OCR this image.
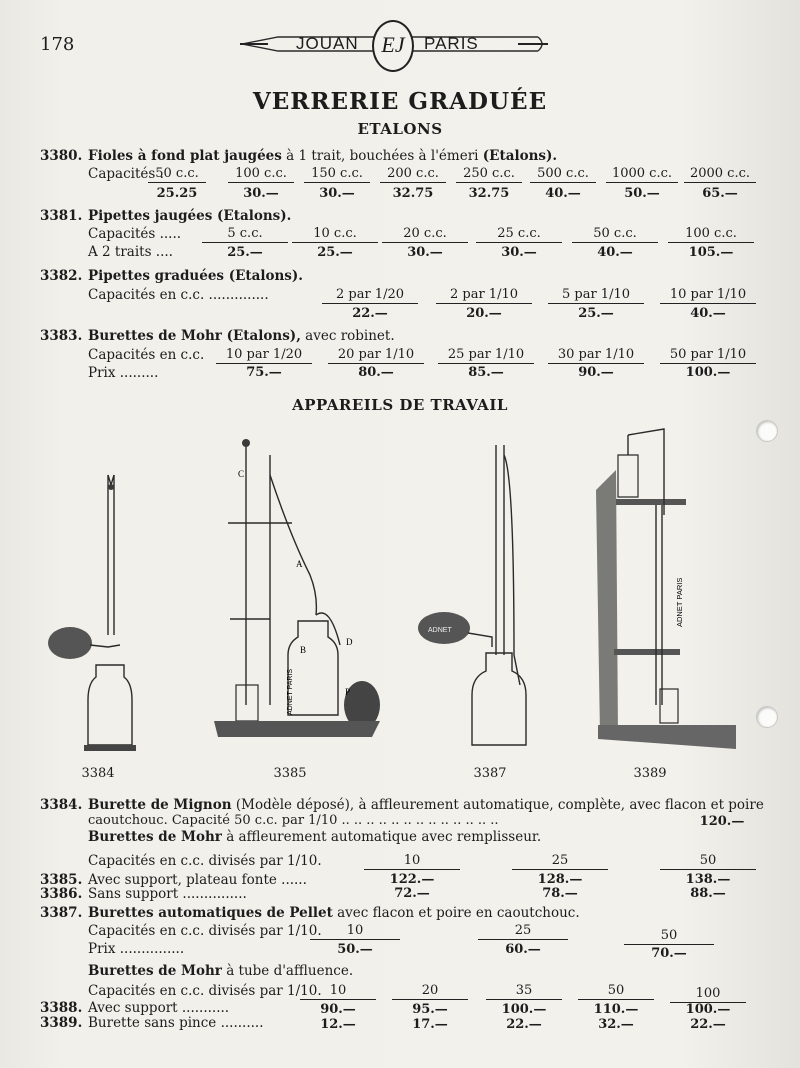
178	JOUAN	EJ	PARIS
VERRERIE GRADUÉE
ETALONS
3380. Fioles à fond plat jaugées à 1 trait, bouchées à l'émeri (Etalons).
Capacités .
50 c.c.	100 c.c.	150 c.c.	200 c.c.	250 c.c.	500 c.c.	1000 c.c.	2000 c.c.
25.25	30.—	30.—	32.75	32.75	40.—	50.—	65.—
3381. Pipettes jaugées (Etalons).
Capacités .....
A 2 traits ....
5 c.c.	10 c.c.	20 c.c.	25 c.c.	50 c.c.	100 c.c.
25.—	25.—	30.—	30.—	40.—	105.—
3382. Pipettes graduées (Etalons).
Capacités en c.c. ..............	2 par 1/20	2 par 1/10	5 par 1/10	10 par 1/10
22.—	20.—	25.—	40.—
3383. Burettes de Mohr (Etalons), avec robinet.
Capacités en c.c.
Prix .........
10 par 1/20	20 par 1/10	25 par 1/10	30 par 1/10	50 par 1/10
75.—	80.—	85.—	90.—	100.—
APPAREILS DE TRAVAIL
C
A
B
D
P
ADNET PARIS
ADNET
ADNET PARIS
3384	3385	3387	3389
3384. Burette de Mignon (Modèle déposé), à affleurement automatique, complète, avec flacon et poire
caoutchouc. Capacité 50 c.c. par 1/10 .. .. .. .. .. .. .. .. .. .. .. .. ..	120.—
Burettes de Mohr à affleurement automatique avec remplisseur.
Capacités en c.c. divisés par 1/10.	10	25	50
3385. Avec support, plateau fonte ......	122.—	128.—	138.—
3386. Sans support ...............	72.—	78.—	88.—
3387. Burettes automatiques de Pellet avec flacon et poire en caoutchouc.
Capacités en c.c. divisés par 1/10.
Prix ...............
10	25	50
50.—	60.—	70.—
Burettes de Mohr à tube d'affluence.
Capacités en c.c. divisés par 1/10. 10	20	35	50	100
3388. Avec support ...........	90.—	95.—	100.—	110.—	100.—
3389. Burette sans pince ..........	12.—	17.—	22.—	32.—	22.—
